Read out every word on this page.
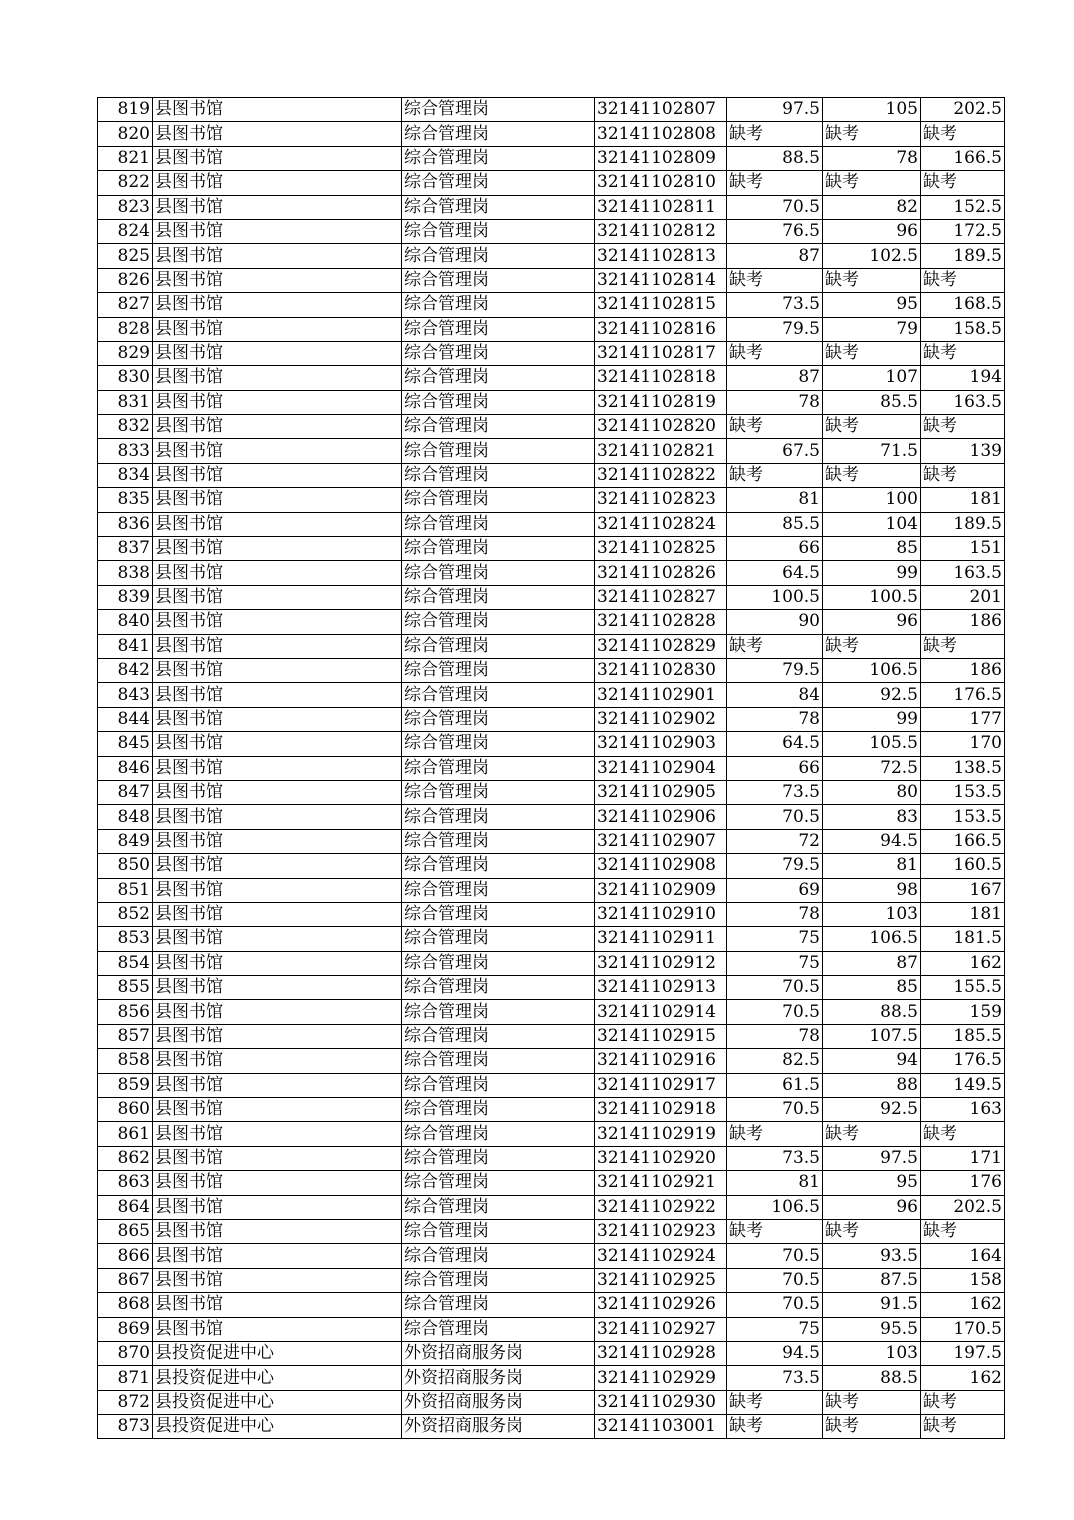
819	县图书馆	综合管理岗	32141102807	97.5	105	202.5
820	县图书馆	综合管理岗	32141102808	缺考	缺考	缺考
821	县图书馆	综合管理岗	32141102809	88.5	78	166.5
822	县图书馆	综合管理岗	32141102810	缺考	缺考	缺考
823	县图书馆	综合管理岗	32141102811	70.5	82	152.5
824	县图书馆	综合管理岗	32141102812	76.5	96	172.5
825	县图书馆	综合管理岗	32141102813	87	102.5	189.5
826	县图书馆	综合管理岗	32141102814	缺考	缺考	缺考
827	县图书馆	综合管理岗	32141102815	73.5	95	168.5
828	县图书馆	综合管理岗	32141102816	79.5	79	158.5
829	县图书馆	综合管理岗	32141102817	缺考	缺考	缺考
830	县图书馆	综合管理岗	32141102818	87	107	194
831	县图书馆	综合管理岗	32141102819	78	85.5	163.5
832	县图书馆	综合管理岗	32141102820	缺考	缺考	缺考
833	县图书馆	综合管理岗	32141102821	67.5	71.5	139
834	县图书馆	综合管理岗	32141102822	缺考	缺考	缺考
835	县图书馆	综合管理岗	32141102823	81	100	181
836	县图书馆	综合管理岗	32141102824	85.5	104	189.5
837	县图书馆	综合管理岗	32141102825	66	85	151
838	县图书馆	综合管理岗	32141102826	64.5	99	163.5
839	县图书馆	综合管理岗	32141102827	100.5	100.5	201
840	县图书馆	综合管理岗	32141102828	90	96	186
841	县图书馆	综合管理岗	32141102829	缺考	缺考	缺考
842	县图书馆	综合管理岗	32141102830	79.5	106.5	186
843	县图书馆	综合管理岗	32141102901	84	92.5	176.5
844	县图书馆	综合管理岗	32141102902	78	99	177
845	县图书馆	综合管理岗	32141102903	64.5	105.5	170
846	县图书馆	综合管理岗	32141102904	66	72.5	138.5
847	县图书馆	综合管理岗	32141102905	73.5	80	153.5
848	县图书馆	综合管理岗	32141102906	70.5	83	153.5
849	县图书馆	综合管理岗	32141102907	72	94.5	166.5
850	县图书馆	综合管理岗	32141102908	79.5	81	160.5
851	县图书馆	综合管理岗	32141102909	69	98	167
852	县图书馆	综合管理岗	32141102910	78	103	181
853	县图书馆	综合管理岗	32141102911	75	106.5	181.5
854	县图书馆	综合管理岗	32141102912	75	87	162
855	县图书馆	综合管理岗	32141102913	70.5	85	155.5
856	县图书馆	综合管理岗	32141102914	70.5	88.5	159
857	县图书馆	综合管理岗	32141102915	78	107.5	185.5
858	县图书馆	综合管理岗	32141102916	82.5	94	176.5
859	县图书馆	综合管理岗	32141102917	61.5	88	149.5
860	县图书馆	综合管理岗	32141102918	70.5	92.5	163
861	县图书馆	综合管理岗	32141102919	缺考	缺考	缺考
862	县图书馆	综合管理岗	32141102920	73.5	97.5	171
863	县图书馆	综合管理岗	32141102921	81	95	176
864	县图书馆	综合管理岗	32141102922	106.5	96	202.5
865	县图书馆	综合管理岗	32141102923	缺考	缺考	缺考
866	县图书馆	综合管理岗	32141102924	70.5	93.5	164
867	县图书馆	综合管理岗	32141102925	70.5	87.5	158
868	县图书馆	综合管理岗	32141102926	70.5	91.5	162
869	县图书馆	综合管理岗	32141102927	75	95.5	170.5
870	县投资促进中心	外资招商服务岗	32141102928	94.5	103	197.5
871	县投资促进中心	外资招商服务岗	32141102929	73.5	88.5	162
872	县投资促进中心	外资招商服务岗	32141102930	缺考	缺考	缺考
873	县投资促进中心	外资招商服务岗	32141103001	缺考	缺考	缺考
